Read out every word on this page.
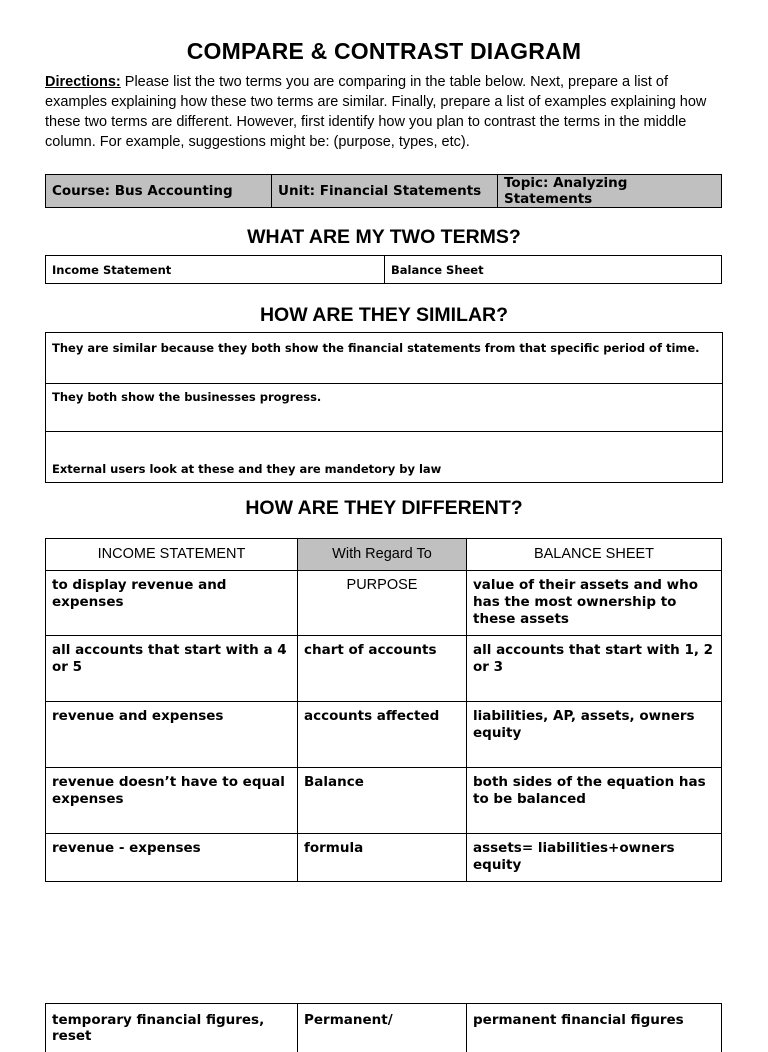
COMPARE & CONTRAST DIAGRAM
Directions: Please list the two terms you are comparing in the table below. Next, prepare a list of examples explaining how these two terms are similar. Finally, prepare a list of examples explaining how these two terms are different. However, first identify how you plan to contrast the terms in the middle column. For example, suggestions might be: (purpose, types, etc).
Course: Bus Accounting	Unit: Financial Statements	Topic: Analyzing Statements
WHAT ARE MY TWO TERMS?
Income Statement	Balance Sheet
HOW ARE THEY SIMILAR?
They are similar because they both show the financial statements from that specific period of time.
They both show the businesses progress.
External users look at these and they are mandetory by law
HOW ARE THEY DIFFERENT?
INCOME STATEMENT	With Regard To	BALANCE SHEET
to display revenue and expenses	PURPOSE	value of their assets and who has the most ownership to these assets
all accounts that start with a 4 or 5	chart of accounts	all accounts that start with 1, 2 or 3
revenue and expenses	accounts affected	liabilities, AP, assets, owners equity
revenue doesn’t have to equal expenses	Balance	both sides of the equation has to be balanced
revenue - expenses	formula	assets= liabilities+owners equity
temporary financial figures, reset	Permanent/	permanent financial figures
